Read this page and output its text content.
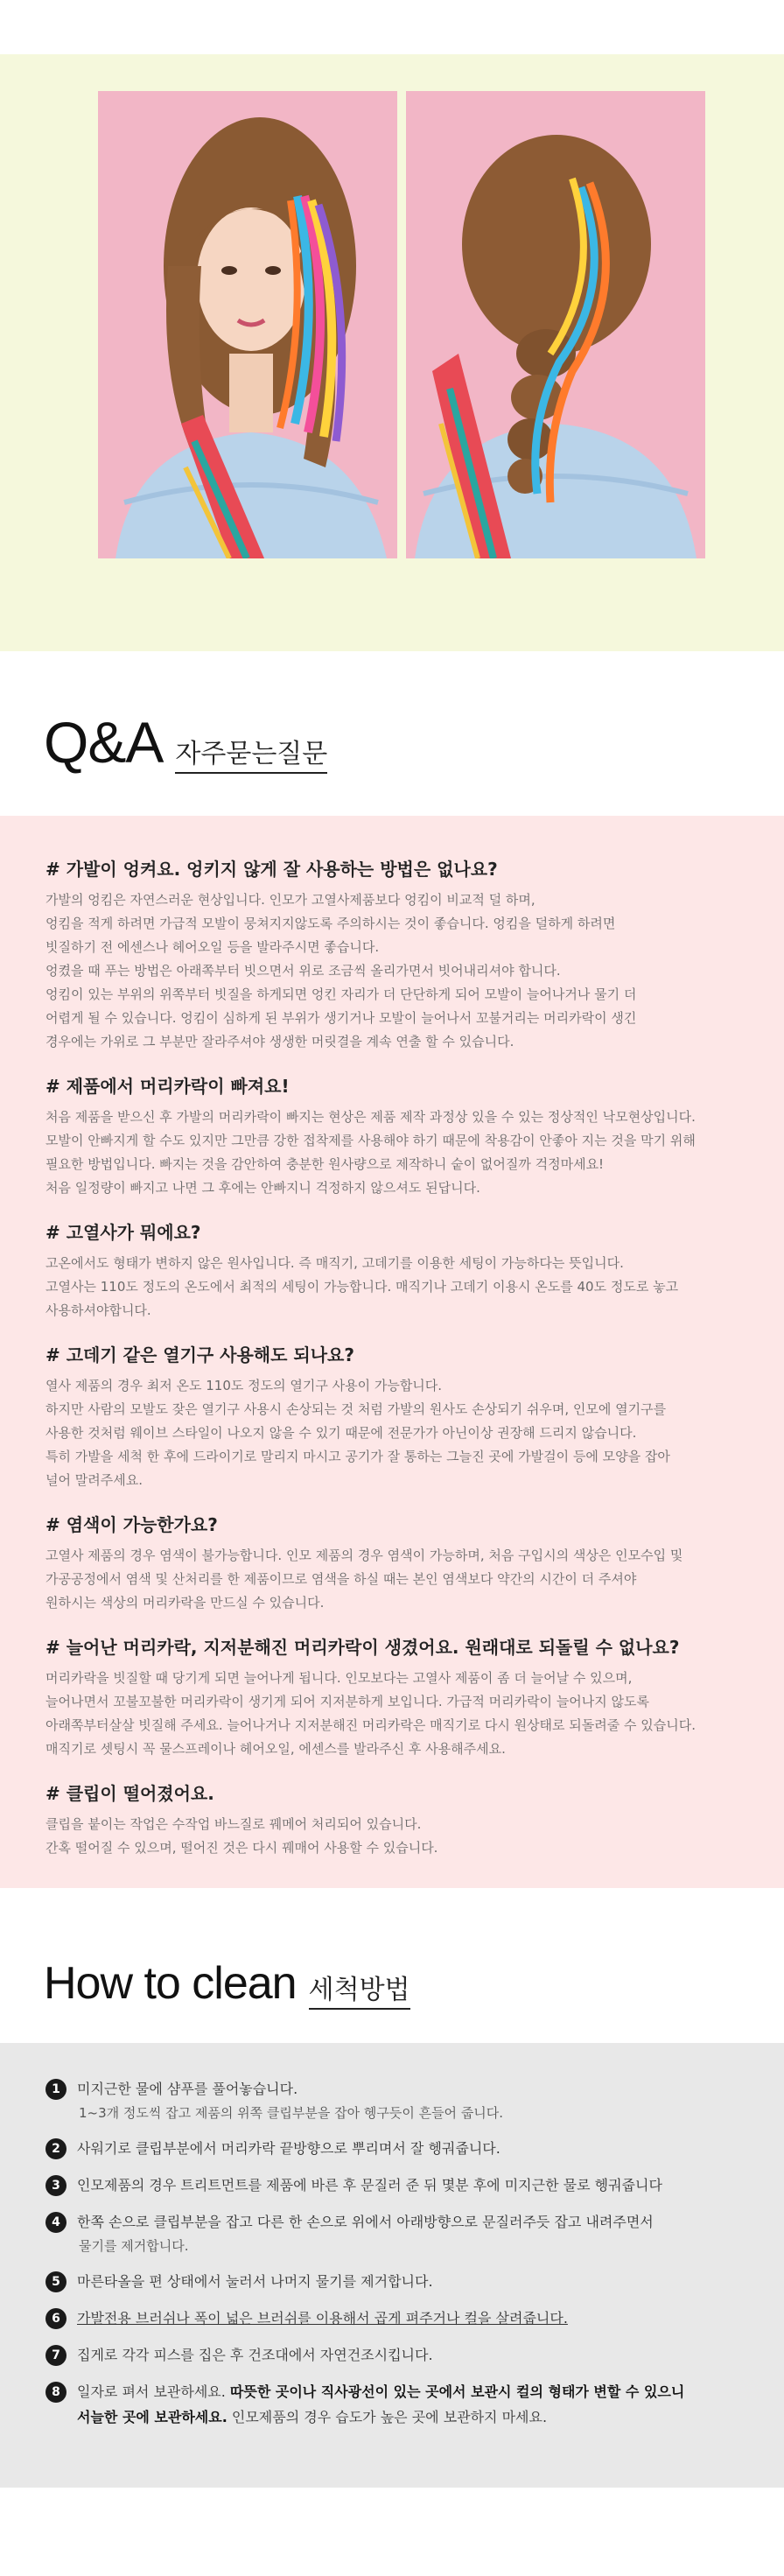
Q&A 자주묻는질문

# 가발이 엉켜요. 엉키지 않게 잘 사용하는 방법은 없나요?

가발의 엉킴은 자연스러운 현상입니다. 인모가 고열사제품보다 엉킴이 비교적 덜 하며,
엉킴을 적게 하려면 가급적 모발이 뭉쳐지지않도록 주의하시는 것이 좋습니다. 엉킴을 덜하게 하려면
빗질하기 전 에센스나 헤어오일 등을 발라주시면 좋습니다.
엉켰을 때 푸는 방법은 아래쪽부터 빗으면서 위로 조금씩 올리가면서 빗어내리셔야 합니다.
엉킴이 있는 부위의 위쪽부터 빗질을 하게되면 엉킨 자리가 더 단단하게 되어 모발이 늘어나거나 물기 더
어렵게 될 수 있습니다. 엉킴이 심하게 된 부위가 생기거나 모발이 늘어나서 꼬불거리는 머리카락이 생긴
경우에는 가위로 그 부분만 잘라주셔야 생생한 머릿결을 계속 연출 할 수 있습니다.

# 제품에서 머리카락이 빠져요!

처음 제품을 받으신 후 가발의 머리카락이 빠지는 현상은 제품 제작 과정상 있을 수 있는 정상적인 낙모현상입니다.
모발이 안빠지게 할 수도 있지만 그만큼 강한 접착제를 사용해야 하기 때문에 착용감이 안좋아 지는 것을 막기 위해
필요한 방법입니다. 빠지는 것을 감안하여 충분한 원사량으로 제작하니 숱이 없어질까 걱정마세요!
처음 일정량이 빠지고 나면 그 후에는 안빠지니 걱정하지 않으셔도 된답니다.

# 고열사가 뭐에요?

고온에서도 형태가 변하지 않은 원사입니다. 즉 매직기, 고데기를 이용한 세팅이 가능하다는 뜻입니다.
고열사는 110도 정도의 온도에서 최적의 세팅이 가능합니다. 매직기나 고데기 이용시 온도를 40도 정도로 놓고
사용하셔야합니다.

# 고데기 같은 열기구 사용해도 되나요?

열사 제품의 경우 최저 온도 110도 정도의 열기구 사용이 가능합니다.
하지만 사람의 모발도 잦은 열기구 사용시 손상되는 것 처럼 가발의 원사도 손상되기 쉬우며, 인모에 열기구를
사용한 것처럼 웨이브 스타일이 나오지 않을 수 있기 때문에 전문가가 아닌이상 권장해 드리지 않습니다.
특히 가발을 세척 한 후에 드라이기로 말리지 마시고 공기가 잘 통하는 그늘진 곳에 가발걸이 등에 모양을 잡아
널어 말려주세요.

# 염색이 가능한가요?

고열사 제품의 경우 염색이 불가능합니다. 인모 제품의 경우 염색이 가능하며, 처음 구입시의 색상은 인모수입 및
가공공정에서 염색 및 산처리를 한 제품이므로 염색을 하실 때는 본인 염색보다 약간의 시간이 더 주셔야
원하시는 색상의 머리카락을 만드실 수 있습니다.

# 늘어난 머리카락, 지저분해진 머리카락이 생겼어요. 원래대로 되돌릴 수 없나요?

머리카락을 빗질할 때 당기게 되면 늘어나게 됩니다. 인모보다는 고열사 제품이 좀 더 늘어날 수 있으며,
늘어나면서 꼬불꼬불한 머리카락이 생기게 되어 지저분하게 보입니다. 가급적 머리카락이 늘어나지 않도록
아래쪽부터살살 빗질해 주세요. 늘어나거나 지저분해진 머리카락은 매직기로 다시 원상태로 되돌려줄 수 있습니다.
매직기로 셋팅시 꼭 물스프레이나 헤어오일, 에센스를 발라주신 후 사용해주세요.

# 클립이 떨어졌어요.

클립을 붙이는 작업은 수작업 바느질로 꿰메어 처리되어 있습니다.
간혹 떨어질 수 있으며, 떨어진 것은 다시 꿰매어 사용할 수 있습니다.
How to clean 세척방법
1	미지근한 물에 샴푸를 풀어놓습니다.
1~3개 정도씩 잡고 제품의 위쪽 클립부분을 잡아 헹구듯이 흔들어 줍니다.
2	사워기로 클립부분에서 머리카락 끝방향으로 뿌리며서 잘 헹궈줍니다.
3	인모제품의 경우 트리트먼트를 제품에 바른 후 문질러 준 뒤 몇분 후에 미지근한 물로 헹궈줍니다
4	한쪽 손으로 클립부분을 잡고 다른 한 손으로 위에서 아래방향으로 문질러주듯 잡고 내려주면서
물기를 제거합니다.
5	마른타올을 편 상태에서 눌러서 나머지 물기를 제거합니다.
6	가발전용 브러쉬나 폭이 넓은 브러쉬를 이용해서 곱게 펴주거나 컬을 살려줍니다.
7	집게로 각각 피스를 집은 후 건조대에서 자연건조시킵니다.
8	일자로 펴서 보관하세요. 따뜻한 곳이나 직사광선이 있는 곳에서 보관시 컬의 형태가 변할 수 있으니
서늘한 곳에 보관하세요. 인모제품의 경우 습도가 높은 곳에 보관하지 마세요.
